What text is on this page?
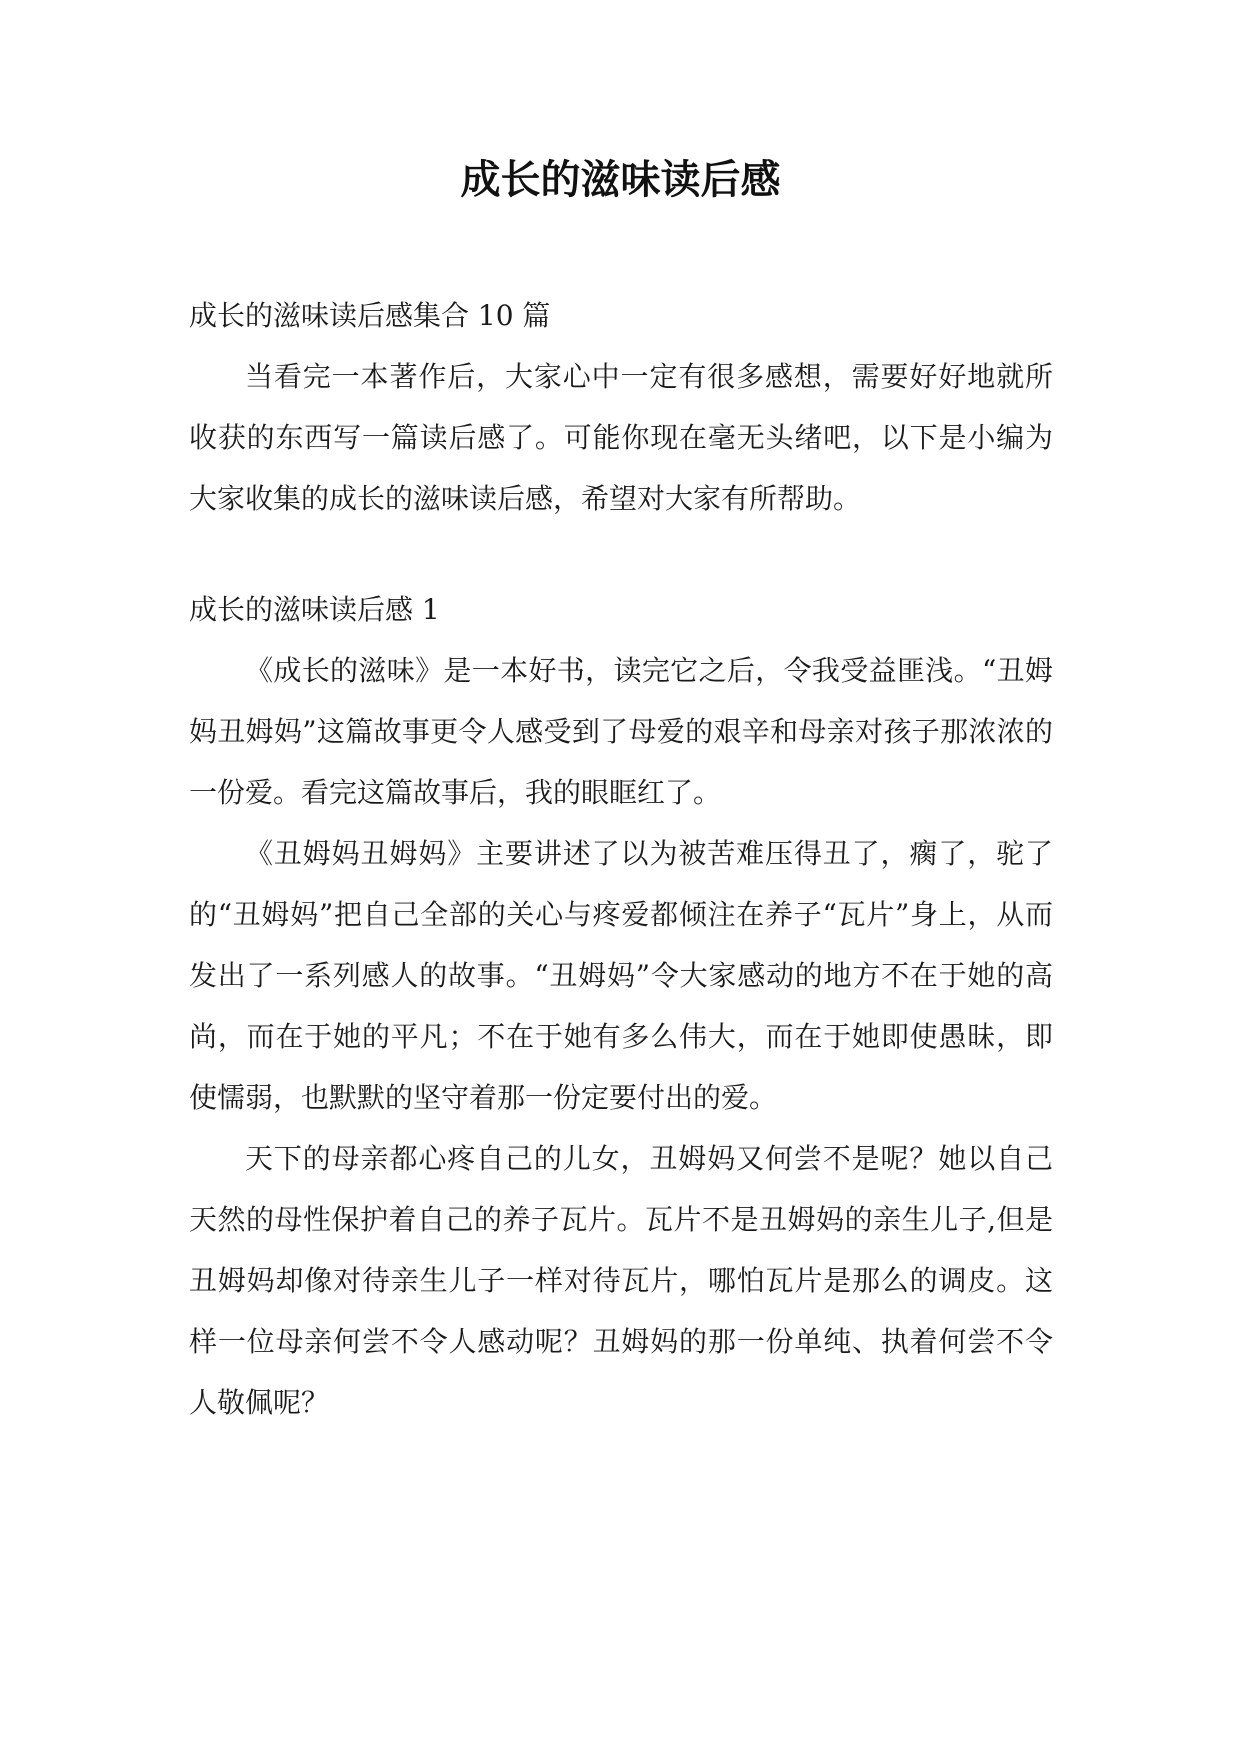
成长的滋味读后感

成长的滋味读后感集合 10 篇

当看完一本著作后，大家心中一定有很多感想，需要好好地就所收获的东西写一篇读后感了。可能你现在毫无头绪吧，以下是小编为大家收集的成长的滋味读后感，希望对大家有所帮助。

成长的滋味读后感 1

《成长的滋味》是一本好书，读完它之后，令我受益匪浅。“丑姆妈丑姆妈”这篇故事更令人感受到了母爱的艰辛和母亲对孩子那浓浓的一份爱。看完这篇故事后，我的眼眶红了。

《丑姆妈丑姆妈》主要讲述了以为被苦难压得丑了，瘸了，驼了的“丑姆妈”把自己全部的关心与疼爱都倾注在养子“瓦片”身上，从而发出了一系列感人的故事。“丑姆妈”令大家感动的地方不在于她的高尚，而在于她的平凡；不在于她有多么伟大，而在于她即使愚昧，即使懦弱，也默默的坚守着那一份定要付出的爱。

天下的母亲都心疼自己的儿女，丑姆妈又何尝不是呢？她以自己天然的母性保护着自己的养子瓦片。瓦片不是丑姆妈的亲生儿子,但是丑姆妈却像对待亲生儿子一样对待瓦片，哪怕瓦片是那么的调皮。这样一位母亲何尝不令人感动呢？丑姆妈的那一份单纯、执着何尝不令人敬佩呢？
